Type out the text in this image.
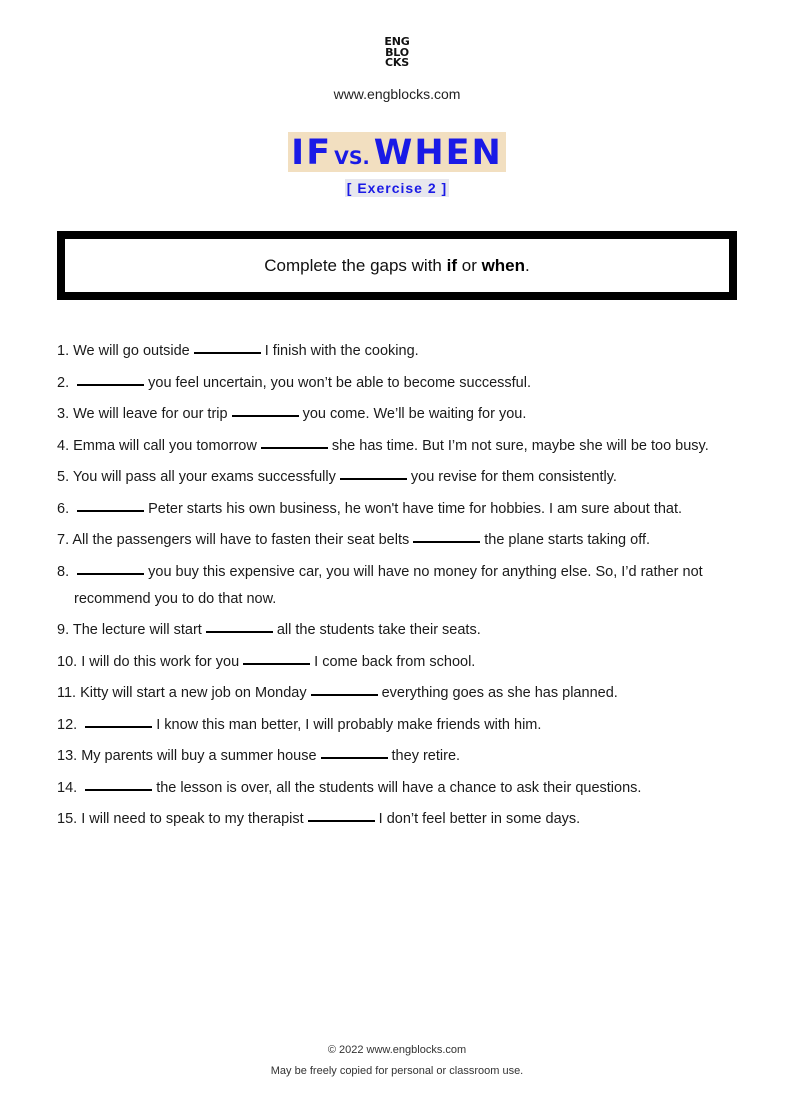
ENG
BLO
CKS
www.engblocks.com
IF VS. WHEN
[ Exercise 2 ]
Complete the gaps with if or when.
1. We will go outside	I finish with the cooking.
2.	you feel uncertain, you won’t be able to become successful.
3. We will leave for our trip	you come. We’ll be waiting for you.
4. Emma will call you tomorrow	she has time. But I’m not sure, maybe she will be too busy.
5. You will pass all your exams successfully	you revise for them consistently.
6.	Peter starts his own business, he won't have time for hobbies. I am sure about that.
7. All the passengers will have to fasten their seat belts	the plane starts taking off.
8.	you buy this expensive car, you will have no money for anything else. So, I’d rather not recommend you to do that now.
9. The lecture will start	all the students take their seats.
10. I will do this work for you	I come back from school.
11. Kitty will start a new job on Monday	everything goes as she has planned.
12.	I know this man better, I will probably make friends with him.
13. My parents will buy a summer house	they retire.
14.	the lesson is over, all the students will have a chance to ask their questions.
15. I will need to speak to my therapist	I don’t feel better in some days.
© 2022 www.engblocks.com
May be freely copied for personal or classroom use.
